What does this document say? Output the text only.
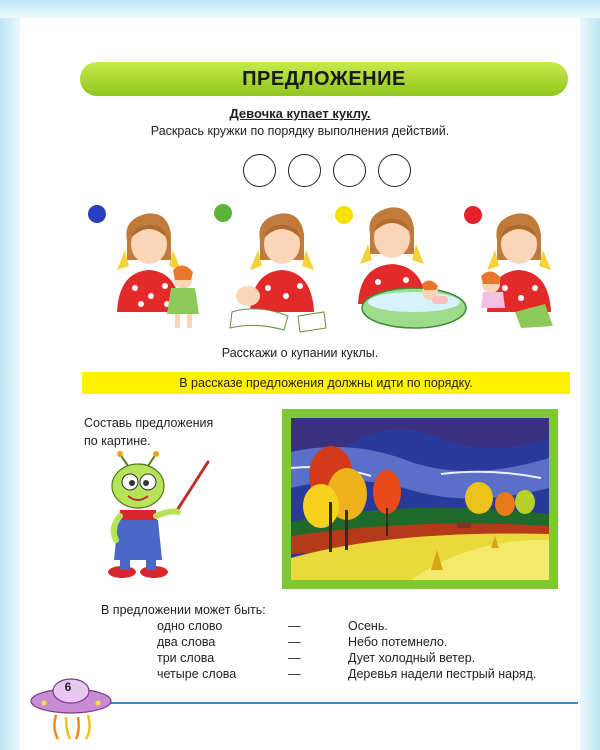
ПРЕДЛОЖЕНИЕ
Девочка купает куклу.
Раскрась кружки по порядку выполнения действий.
Расскажи о купании куклы.
В рассказе предложения должны идти по порядку.
Составь предложения
по картине.
В предложении может быть:
одно слово	—	Осень.
два слова	—	Небо потемнело.
три слова	—	Дует холодный ветер.
четыре слова	—	Деревья надели пестрый наряд.
6
